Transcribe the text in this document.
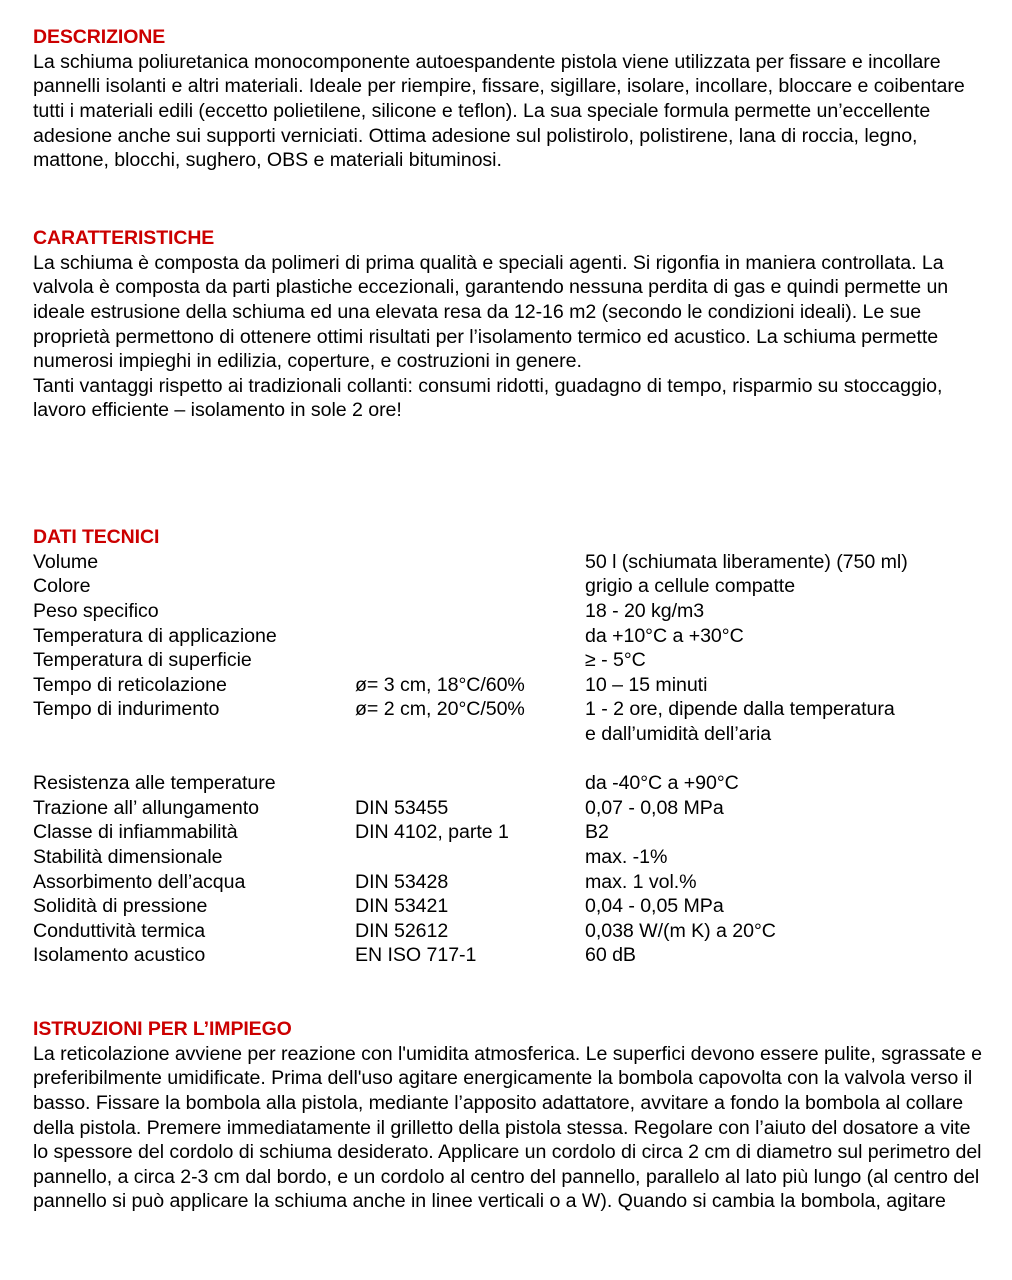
DESCRIZIONE

La schiuma poliuretanica monocomponente autoespandente pistola viene utilizzata per fissare e incollare pannelli isolanti e altri materiali. Ideale per riempire, fissare, sigillare, isolare, incollare, bloccare e coibentare tutti i materiali edili (eccetto polietilene, silicone e teflon). La sua speciale formula permette un’eccellente adesione anche sui supporti verniciati. Ottima adesione sul polistirolo, polistirene, lana di roccia, legno, mattone, blocchi, sughero, OBS e materiali bituminosi.

CARATTERISTICHE

La schiuma è composta da polimeri di prima qualità e speciali agenti. Si rigonfia in maniera controllata. La valvola è composta da parti plastiche eccezionali, garantendo nessuna perdita di gas e quindi permette un ideale estrusione della schiuma ed una elevata resa da 12-16 m2 (secondo le condizioni ideali). Le sue proprietà permettono di ottenere ottimi risultati per l’isolamento termico ed acustico. La schiuma permette numerosi impieghi in edilizia, coperture, e costruzioni in genere.

Tanti vantaggi rispetto ai tradizionali collanti: consumi ridotti, guadagno di tempo, risparmio su stoccaggio, lavoro efficiente – isolamento in sole 2 ore!

DATI TECNICI
Volume		50 l (schiumata liberamente) (750 ml)
Colore		grigio a cellule compatte
Peso specifico		18 - 20 kg/m3
Temperatura di applicazione		da +10°C a +30°C
Temperatura di superficie		≥ - 5°C
Tempo di reticolazione	ø= 3 cm, 18°C/60%	10 – 15 minuti
Tempo di indurimento	ø= 2 cm, 20°C/50%	1 - 2 ore, dipende dalla temperatura
		e dall’umidità dell’aria

Resistenza alle temperature		da -40°C a +90°C
Trazione all’ allungamento	DIN 53455	0,07 - 0,08 MPa
Classe di infiammabilità	DIN 4102, parte 1	B2
Stabilità dimensionale		max. -1%
Assorbimento dell’acqua	DIN 53428	max. 1 vol.%
Solidità di pressione	DIN 53421	0,04 - 0,05 MPa
Conduttività termica	DIN 52612	0,038 W/(m K) a 20°C
Isolamento acustico	EN ISO 717-1	60 dB
ISTRUZIONI PER L’IMPIEGO

La reticolazione avviene per reazione con l'umidita atmosferica. Le superfici devono essere pulite, sgrassate e preferibilmente umidificate. Prima dell'uso agitare energicamente la bombola capovolta con la valvola verso il basso. Fissare la bombola alla pistola, mediante l’apposito adattatore, avvitare a fondo la bombola al collare della pistola. Premere immediatamente il grilletto della pistola stessa. Regolare con l’aiuto del dosatore a vite lo spessore del cordolo di schiuma desiderato. Applicare un cordolo di circa 2 cm di diametro sul perimetro del pannello, a circa 2-3 cm dal bordo, e un cordolo al centro del pannello, parallelo al lato più lungo (al centro del pannello si può applicare la schiuma anche in linee verticali o a W). Quando si cambia la bombola, agitare
